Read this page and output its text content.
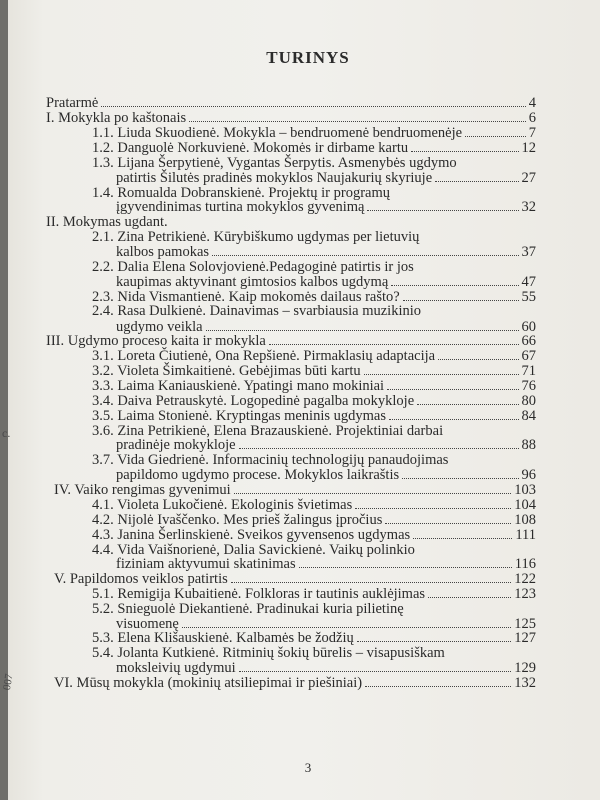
TURINYS
Pratarmė	4
I. Mokykla po kaštonais	6
1.1. Liuda Skuodienė. Mokykla – bendruomenė bendruomenėje	7
1.2. Danguolė Norkuvienė. Mokomės ir dirbame kartu	12
1.3. Lijana Šerpytienė, Vygantas Šerpytis. Asmenybės ugdymo
patirtis Šilutės pradinės mokyklos Naujakurių skyriuje	27
1.4. Romualda Dobranskienė. Projektų ir programų
įgyvendinimas turtina mokyklos gyvenimą	32
II. Mokymas ugdant.
2.1. Zina Petrikienė. Kūrybiškumo ugdymas per lietuvių
kalbos pamokas	37
2.2. Dalia Elena Solovjovienė.Pedagoginė patirtis ir jos
kaupimas aktyvinant gimtosios kalbos ugdymą	47
2.3. Nida Vismantienė. Kaip mokomės dailaus rašto?	55
2.4. Rasa Dulkienė. Dainavimas – svarbiausia muzikinio
ugdymo veikla	60
III. Ugdymo proceso kaita ir mokykla	66
3.1. Loreta Čiutienė, Ona Repšienė. Pirmaklasių adaptacija	67
3.2. Violeta Šimkaitienė. Gebėjimas būti kartu	71
3.3. Laima Kaniauskienė. Ypatingi mano mokiniai	76
3.4. Daiva Petrauskytė. Logopedinė pagalba mokykloje	80
3.5. Laima Stonienė. Kryptingas meninis ugdymas	84
3.6. Zina Petrikienė, Elena Brazauskienė. Projektiniai darbai
pradinėje mokykloje	88
3.7. Vida Giedrienė. Informacinių technologijų panaudojimas
papildomo ugdymo procese. Mokyklos laikraštis	96
IV. Vaiko rengimas gyvenimui	103
4.1. Violeta Lukočienė. Ekologinis švietimas	104
4.2. Nijolė Ivaščenko. Mes prieš žalingus įpročius	108
4.3. Janina Šerlinskienė. Sveikos gyvensenos ugdymas	111
4.4. Vida Vaišnorienė, Dalia Savickienė. Vaikų polinkio
fiziniam aktyvumui skatinimas	116
V. Papildomos veiklos patirtis	122
5.1. Remigija Kubaitienė. Folkloras ir tautinis auklėjimas	123
5.2. Snieguolė Diekantienė. Pradinukai kuria pilietinę
visuomenę	125
5.3. Elena Klišauskienė. Kalbamės be žodžių	127
5.4. Jolanta Kutkienė. Ritminių šokių būrelis – visapusiškam
moksleivių ugdymui	129
VI. Mūsų mokykla (mokinių atsiliepimai ir piešiniai)	132
3
c.
007
